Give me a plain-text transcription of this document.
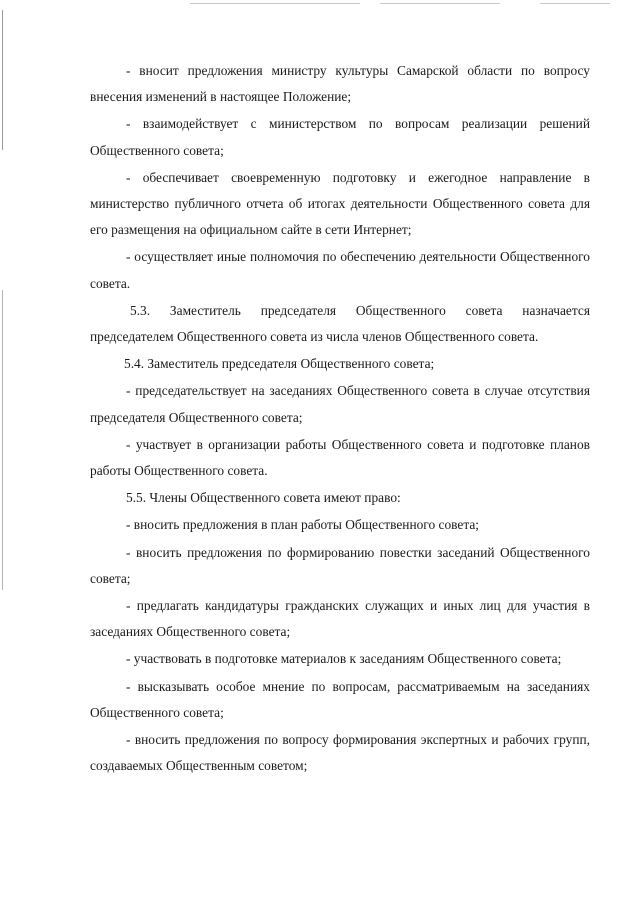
- вносит предложения министру культуры Самарской области по вопросу внесения изменений в настоящее Положение;

- взаимодействует с министерством по вопросам реализации решений Общественного совета;

- обеспечивает своевременную подготовку и ежегодное направление в министерство публичного отчета об итогах деятельности Общественного совета для его размещения на официальном сайте в сети Интернет;

- осуществляет иные полномочия по обеспечению деятельности Общественного совета.

5.3. Заместитель председателя Общественного совета назначается председателем Общественного совета из числа членов Общественного совета.

5.4. Заместитель председателя Общественного совета;

- председательствует на заседаниях Общественного совета в случае отсутствия председателя Общественного совета;

- участвует в организации работы Общественного совета и подготовке планов работы Общественного совета.

5.5. Члены Общественного совета имеют право:

- вносить предложения в план работы Общественного совета;

- вносить предложения по формированию повестки заседаний Общественного совета;

- предлагать кандидатуры гражданских служащих и иных лиц для участия в заседаниях Общественного совета;

- участвовать в подготовке материалов к заседаниям Общественного совета;

- высказывать особое мнение по вопросам, рассматриваемым на заседаниях Общественного совета;

- вносить предложения по вопросу формирования экспертных и рабочих групп, создаваемых Общественным советом;
